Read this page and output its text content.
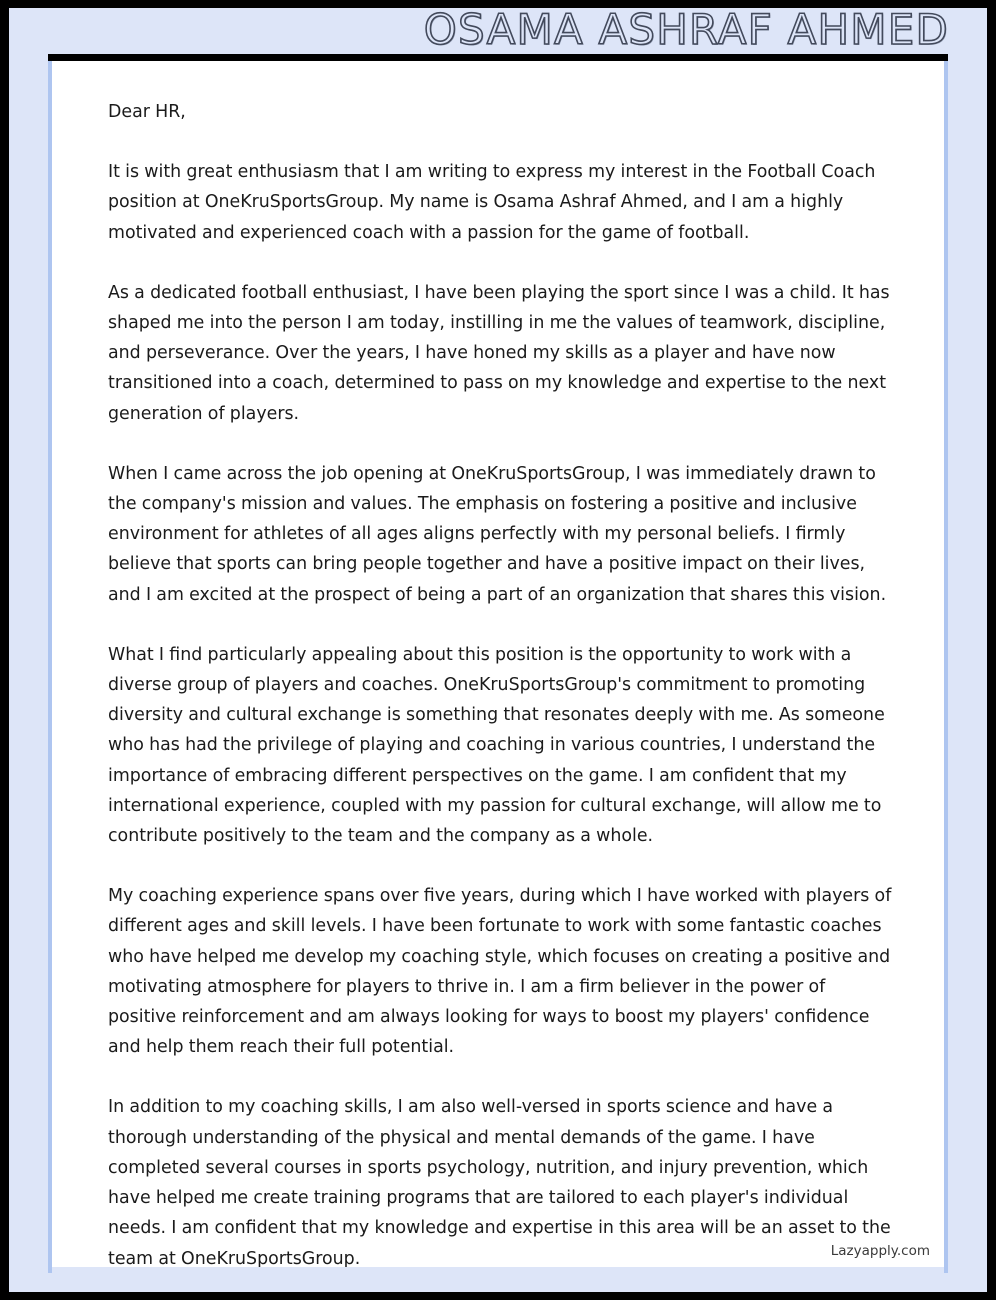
OSAMA ASHRAF AHMED

Dear HR,

It is with great enthusiasm that I am writing to express my interest in the Football Coach position at OneKruSportsGroup. My name is Osama Ashraf Ahmed, and I am a highly motivated and experienced coach with a passion for the game of football.

As a dedicated football enthusiast, I have been playing the sport since I was a child. It has shaped me into the person I am today, instilling in me the values of teamwork, discipline, and perseverance. Over the years, I have honed my skills as a player and have now transitioned into a coach, determined to pass on my knowledge and expertise to the next generation of players.

When I came across the job opening at OneKruSportsGroup, I was immediately drawn to the company's mission and values. The emphasis on fostering a positive and inclusive environment for athletes of all ages aligns perfectly with my personal beliefs. I firmly believe that sports can bring people together and have a positive impact on their lives, and I am excited at the prospect of being a part of an organization that shares this vision.

What I find particularly appealing about this position is the opportunity to work with a diverse group of players and coaches. OneKruSportsGroup's commitment to promoting diversity and cultural exchange is something that resonates deeply with me. As someone who has had the privilege of playing and coaching in various countries, I understand the importance of embracing different perspectives on the game. I am confident that my international experience, coupled with my passion for cultural exchange, will allow me to contribute positively to the team and the company as a whole.

My coaching experience spans over five years, during which I have worked with players of different ages and skill levels. I have been fortunate to work with some fantastic coaches who have helped me develop my coaching style, which focuses on creating a positive and motivating atmosphere for players to thrive in. I am a firm believer in the power of positive reinforcement and am always looking for ways to boost my players' confidence and help them reach their full potential.

In addition to my coaching skills, I am also well-versed in sports science and have a thorough understanding of the physical and mental demands of the game. I have completed several courses in sports psychology, nutrition, and injury prevention, which have helped me create training programs that are tailored to each player's individual needs. I am confident that my knowledge and expertise in this area will be an asset to the team at OneKruSportsGroup.	Lazyapply.com
